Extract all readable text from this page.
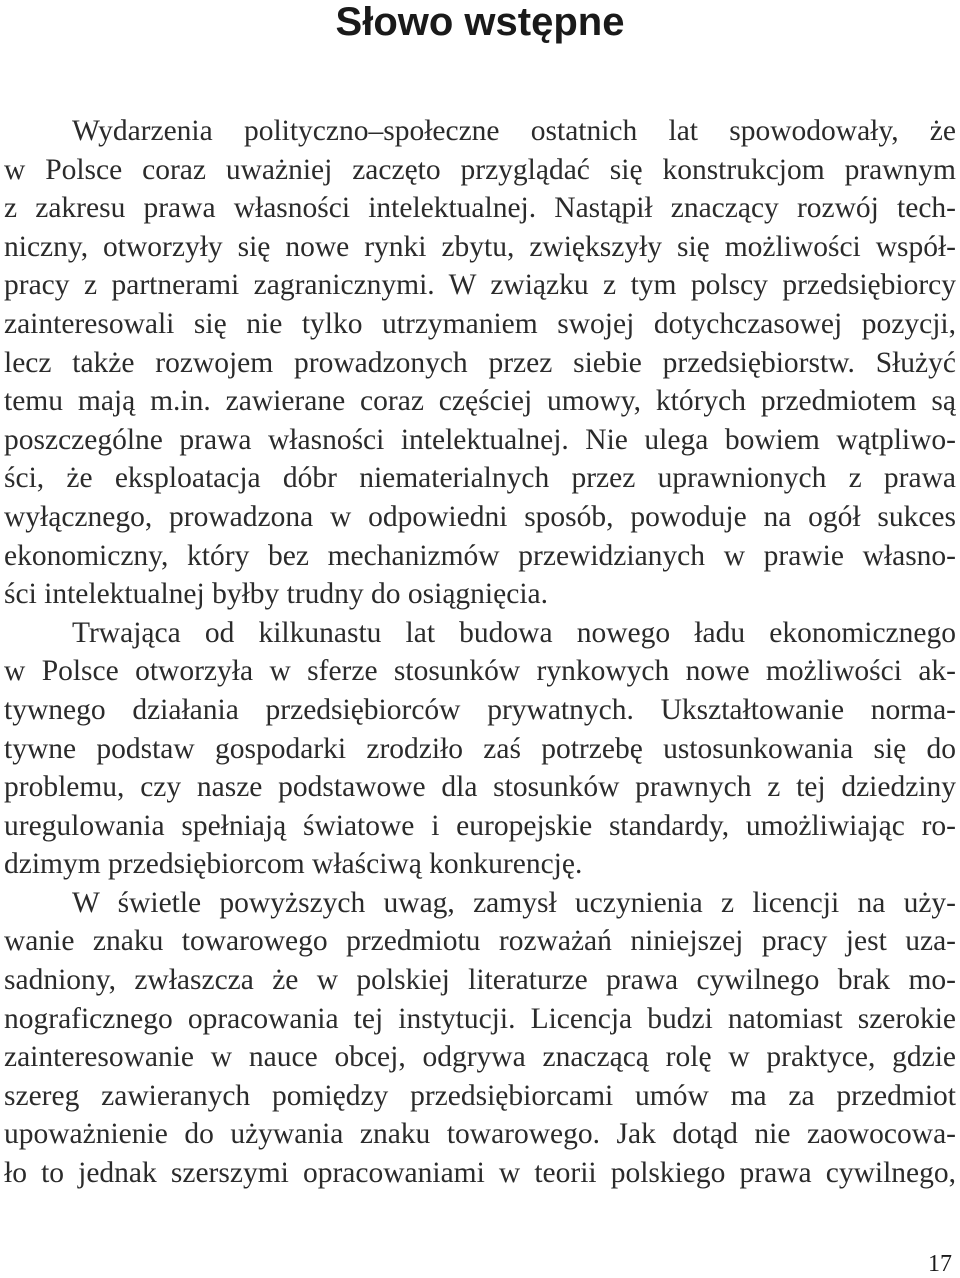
Słowo wstępne
Wydarzenia polityczno–społeczne ostatnich lat spowodowały, że
w Polsce coraz uważniej zaczęto przyglądać się konstrukcjom prawnym
z zakresu prawa własności intelektualnej. Nastąpił znaczący rozwój tech-
niczny, otworzyły się nowe rynki zbytu, zwiększyły się możliwości współ-
pracy z partnerami zagranicznymi. W związku z tym polscy przedsiębiorcy
zainteresowali się nie tylko utrzymaniem swojej dotychczasowej pozycji,
lecz także rozwojem prowadzonych przez siebie przedsiębiorstw. Służyć
temu mają m.in. zawierane coraz częściej umowy, których przedmiotem są
poszczególne prawa własności intelektualnej. Nie ulega bowiem wątpliwo-
ści, że eksploatacja dóbr niematerialnych przez uprawnionych z prawa
wyłącznego, prowadzona w odpowiedni sposób, powoduje na ogół sukces
ekonomiczny, który bez mechanizmów przewidzianych w prawie własno-
ści intelektualnej byłby trudny do osiągnięcia.
Trwająca od kilkunastu lat budowa nowego ładu ekonomicznego
w Polsce otworzyła w sferze stosunków rynkowych nowe możliwości ak-
tywnego działania przedsiębiorców prywatnych. Ukształtowanie norma-
tywne podstaw gospodarki zrodziło zaś potrzebę ustosunkowania się do
problemu, czy nasze podstawowe dla stosunków prawnych z tej dziedziny
uregulowania spełniają światowe i europejskie standardy, umożliwiając ro-
dzimym przedsiębiorcom właściwą konkurencję.
W świetle powyższych uwag, zamysł uczynienia z licencji na uży-
wanie znaku towarowego przedmiotu rozważań niniejszej pracy jest uza-
sadniony, zwłaszcza że w polskiej literaturze prawa cywilnego brak mo-
nograficznego opracowania tej instytucji. Licencja budzi natomiast szerokie
zainteresowanie w nauce obcej, odgrywa znaczącą rolę w praktyce, gdzie
szereg zawieranych pomiędzy przedsiębiorcami umów ma za przedmiot
upoważnienie do używania znaku towarowego. Jak dotąd nie zaowocowa-
ło to jednak szerszymi opracowaniami w teorii polskiego prawa cywilnego,
17
